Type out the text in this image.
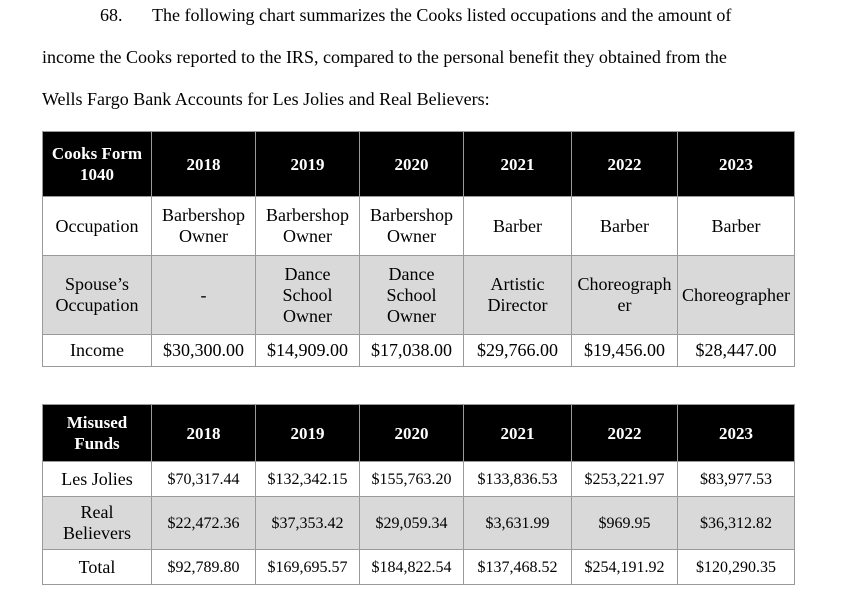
68. The following chart summarizes the Cooks listed occupations and the amount of
income the Cooks reported to the IRS, compared to the personal benefit they obtained from the
Wells Fargo Bank Accounts for Les Jolies and Real Believers:
Cooks Form 1040	2018	2019	2020	2021	2022	2023
Occupation	Barbershop Owner	Barbershop Owner	Barbershop Owner	Barber	Barber	Barber
Spouse’s Occupation	-	Dance School Owner	Dance School Owner	Artistic Director	Choreographer	Choreographer
Income	$30,300.00	$14,909.00	$17,038.00	$29,766.00	$19,456.00	$28,447.00
Misused Funds	2018	2019	2020	2021	2022	2023
Les Jolies	$70,317.44	$132,342.15	$155,763.20	$133,836.53	$253,221.97	$83,977.53
Real Believers	$22,472.36	$37,353.42	$29,059.34	$3,631.99	$969.95	$36,312.82
Total	$92,789.80	$169,695.57	$184,822.54	$137,468.52	$254,191.92	$120,290.35
